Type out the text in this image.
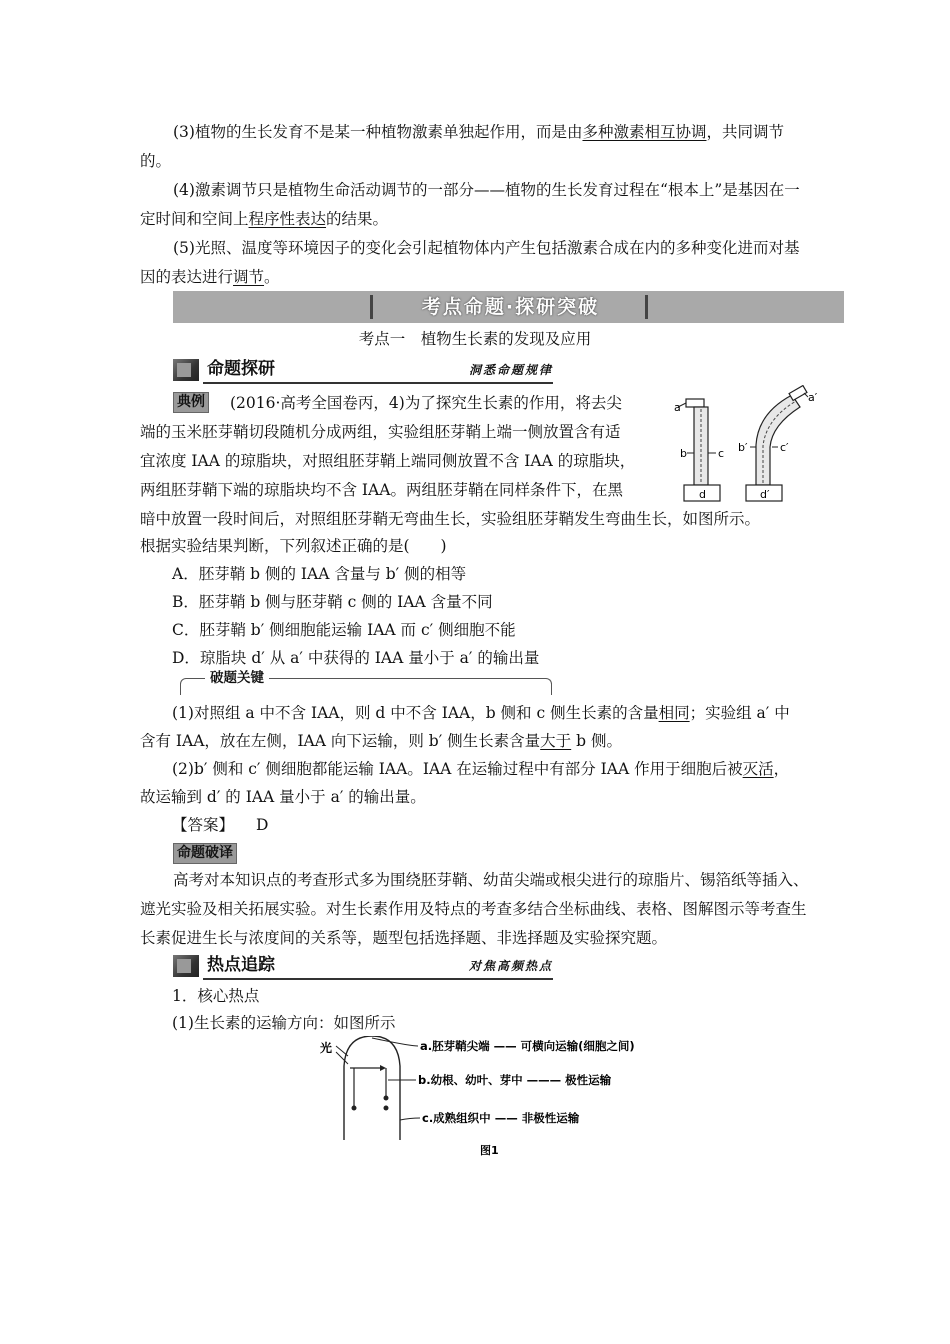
(3)植物的生长发育不是某一种植物激素单独起作用，而是由多种激素相互协调，共同调节的。

(4)激素调节只是植物生命活动调节的一部分——植物的生长发育过程在“根本上”是基因在一定时间和空间上程序性表达的结果。

(5)光照、温度等环境因子的变化会引起植物体内产生包括激素合成在内的多种变化进而对基因的表达进行调节。

考点命题·探研突破
考点一　植物生长素的发现及应用
命题探研	洞悉命题规律
典例 (2016·高考全国卷丙，4)为了探究生长素的作用，将去尖
端的玉米胚芽鞘切段随机分成两组，实验组胚芽鞘上端一侧放置含有适
宜浓度 IAA 的琼脂块，对照组胚芽鞘上端同侧放置不含 IAA 的琼脂块，
两组胚芽鞘下端的琼脂块均不含 IAA。两组胚芽鞘在同样条件下，在黑
暗中放置一段时间后，对照组胚芽鞘无弯曲生长，实验组胚芽鞘发生弯曲生长，如图所示。
根据实验结果判断，下列叙述正确的是(　　)
A．胚芽鞘 b 侧的 IAA 含量与 b′ 侧的相等
B．胚芽鞘 b 侧与胚芽鞘 c 侧的 IAA 含量不同
C．胚芽鞘 b′ 侧细胞能运输 IAA 而 c′ 侧细胞不能
D．琼脂块 d′ 从 a′ 中获得的 IAA 量小于 a′ 的输出量
a
b	c
d
a′
b′	c′
d′
破题关键
(1)对照组 a 中不含 IAA，则 d 中不含 IAA，b 侧和 c 侧生长素的含量相同；实验组 a′ 中
含有 IAA，放在左侧，IAA 向下运输，则 b′ 侧生长素含量大于 b 侧。
(2)b′ 侧和 c′ 侧细胞都能运输 IAA。IAA 在运输过程中有部分 IAA 作用于细胞后被灭活，
故运输到 d′ 的 IAA 量小于 a′ 的输出量。
【答案】 D
命题破译

高考对本知识点的考查形式多为围绕胚芽鞘、幼苗尖端或根尖进行的琼脂片、锡箔纸等插入、遮光实验及相关拓展实验。对生长素作用及特点的考查多结合坐标曲线、表格、图解图示等考查生长素促进生长与浓度间的关系等，题型包括选择题、非选择题及实验探究题。

热点追踪	对焦高频热点
1．核心热点
(1)生长素的运输方向：如图所示
光	a.胚芽鞘尖端 —— 可横向运输(细胞之间)
b.幼根、幼叶、芽中 ——— 极性运输
c.成熟组织中 —— 非极性运输
图1
